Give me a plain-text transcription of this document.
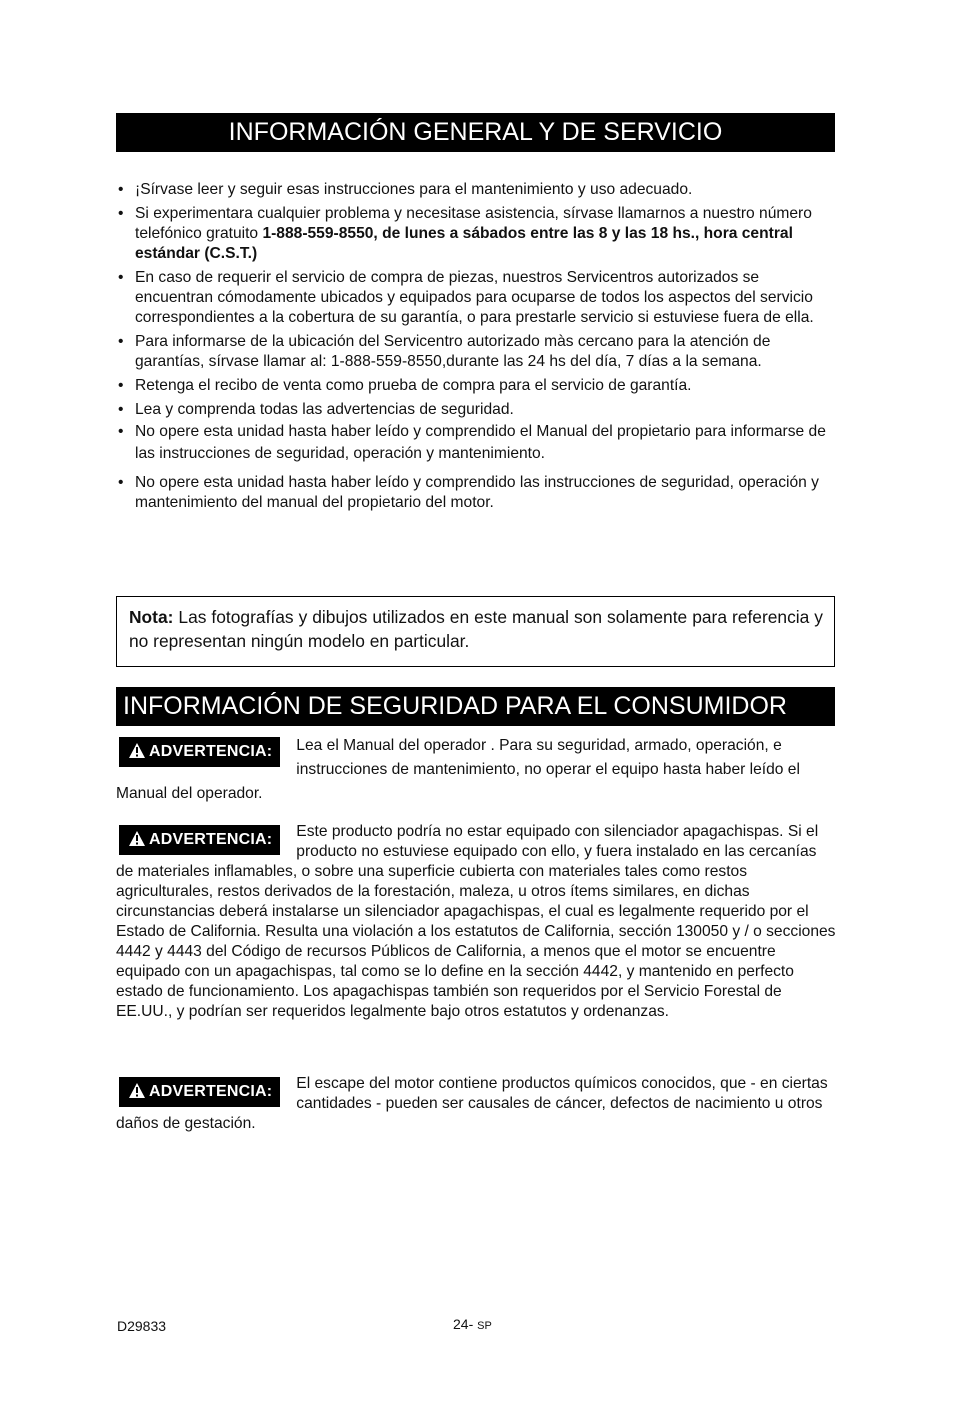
INFORMACIÓN GENERAL Y DE SERVICIO
• ¡Sírvase leer y seguir esas instrucciones para el mantenimiento y uso adecuado.
• Si experimentara cualquier problema y necesitase asistencia, sírvase llamarnos a nuestro número telefónico gratuito 1-888-559-8550, de lunes a sábados entre las 8 y las 18 hs., hora central estándar (C.S.T.)
• En caso de requerir el servicio de compra de piezas, nuestros Servicentros autorizados se encuentran cómodamente ubicados y equipados para ocuparse de todos los aspectos del servicio correspondientes a la cobertura de su garantía, o para prestarle servicio si estuviese fuera de ella.
• Para informarse de la ubicación del Servicentro autorizado màs cercano para la atención de garantías, sírvase llamar al: 1-888-559-8550,durante las 24 hs del día, 7 días a la semana.
• Retenga el recibo de venta como prueba de compra para el servicio de garantía.
• Lea y comprenda todas las advertencias de seguridad.
• No opere esta unidad hasta haber leído y comprendido el Manual del propietario para informarse de las instrucciones de seguridad, operación y mantenimiento.
• No opere esta unidad hasta haber leído y comprendido las instrucciones de seguridad, operación y mantenimiento del manual del propietario del motor.
Nota: Las fotografías y dibujos utilizados en este manual son solamente para referencia y no representan ningún modelo en particular.
INFORMACIÓN DE SEGURIDAD PARA EL CONSUMIDOR
ADVERTENCIA:	Lea el Manual del operador . Para su seguridad, armado, operación, e instrucciones de mantenimiento, no operar el equipo hasta haber leído el Manual del operador.
ADVERTENCIA:	Este producto podría no estar equipado con silenciador apagachispas. Si el producto no estuviese equipado con ello, y fuera instalado en las cercanías de materiales inflamables, o sobre una superficie cubierta con materiales tales como restos agriculturales, restos derivados de la forestación, maleza, u otros ítems similares, en dichas circunstancias deberá instalarse un silenciador apagachispas, el cual es legalmente requerido por el Estado de California. Resulta una violación a los estatutos de California, sección 130050 y / o secciones 4442 y 4443 del Código de recursos Públicos de California, a menos que el motor se encuentre equipado con un apagachispas, tal como se lo define en la sección 4442, y mantenido en perfecto estado de funcionamiento. Los apagachispas también son requeridos por el Servicio Forestal de EE.UU., y podrían ser requeridos legalmente bajo otros estatutos y ordenanzas.
ADVERTENCIA:	El escape del motor contiene productos químicos conocidos, que - en ciertas cantidades - pueden ser causales de cáncer, defectos de nacimiento u otros daños de gestación.
D29833	24- SP
